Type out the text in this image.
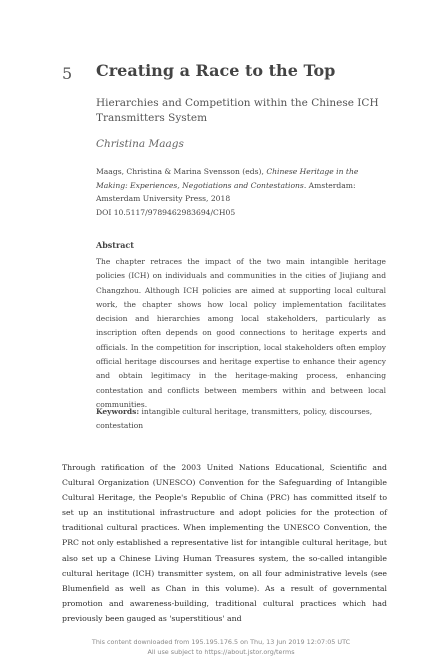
5 Creating a Race to the Top
Hierarchies and Competition within the Chinese ICH Transmitters System
Christina Maags
Maags, Christina & Marina Svensson (eds), Chinese Heritage in the Making: Experiences, Negotiations and Contestations. Amsterdam: Amsterdam University Press, 2018
DOI 10.5117/9789462983694/CH05
Abstract
The chapter retraces the impact of the two main intangible heritage policies (ICH) on individuals and communities in the cities of Jiujiang and Changzhou. Although ICH policies are aimed at supporting local cultural work, the chapter shows how local policy implementation facilitates decision and hierarchies among local stakeholders, particularly as inscription often depends on good connections to heritage experts and officials. In the competition for inscription, local stakeholders often employ official heritage discourses and heritage expertise to enhance their agency and obtain legitimacy in the heritage-making process, enhancing contestation and conflicts between members within and between local communities.
Keywords: intangible cultural heritage, transmitters, policy, discourses, contestation

Through ratification of the 2003 United Nations Educational, Scientific and Cultural Organization (UNESCO) Convention for the Safeguarding of Intangible Cultural Heritage, the People's Republic of China (PRC) has committed itself to set up an institutional infrastructure and adopt policies for the protection of traditional cultural practices. When implementing the UNESCO Convention, the PRC not only established a representative list for intangible cultural heritage, but also set up a Chinese Living Human Treasures system, the so-called intangible cultural heritage (ICH) transmitter system, on all four administrative levels (see Blumenfield as well as Chan in this volume). As a result of governmental promotion and awareness-building, traditional cultural practices which had previously been gauged as 'superstitious' and

This content downloaded from 195.195.176.5 on Thu, 13 Jun 2019 12:07:05 UTC
All use subject to https://about.jstor.org/terms
